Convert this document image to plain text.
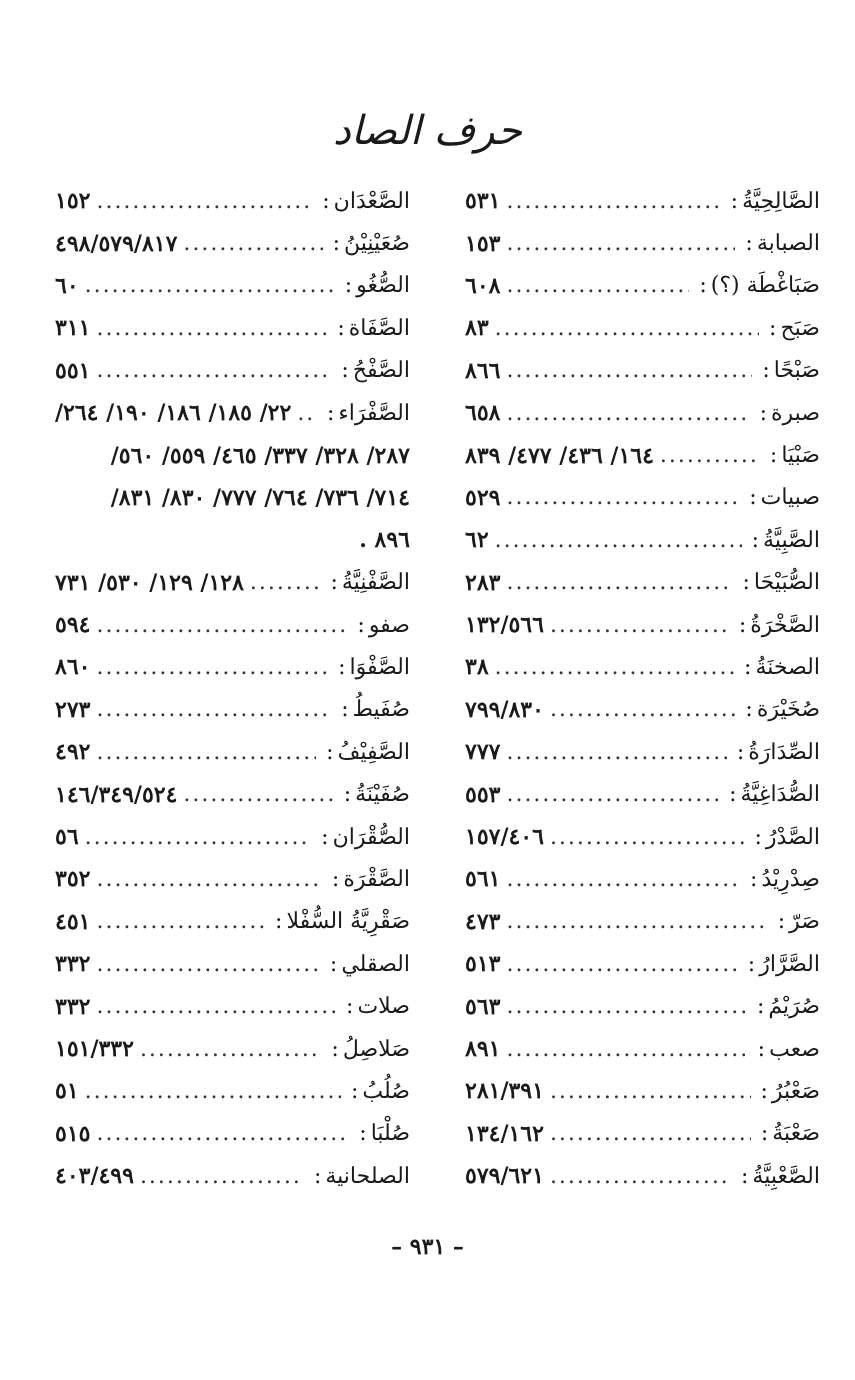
حرف الصاد
الصَّالِحِيَّةُ
:
.....
٥٣١
الصبابة
:
.....
١٥٣
صَبَاغْطَة (؟)
:
.....
٦٠٨
صَبَح
:
.....
٨٣
صَبْحًا
:
.....
٨٦٦
صبرة
:
.....
٦٥٨
صَبْيَا
:
.....
١٦٤/ ٤٣٦/ ٤٧٧/ ٨٣٩
صبيات
:
.....
٥٢٩
الصَّبِيَّةُ
:
.....
٦٢
الصُّبَيْحَا
:
.....
٢٨٣
الصَّخْرَةُ
:
.....
١٣٢/٥٦٦
الصخنَةُ
:
.....
٣٨
صُخَيْرَة
:
.....
٧٩٩/٨٣٠
الصِّدَارَةُ
:
.....
٧٧٧
الصُّدَاغِيَّةُ
:
.....
٥٥٣
الصَّدْرُ
:
.....
١٥٧/٤٠٦
صِدْرِيْدُ
:
.....
٥٦١
صَرّ
:
.....
٤٧٣
الصَّرَّارُ
:
.....
٥١٣
صُرَيْمُ
:
.....
٥٦٣
صعب
:
.....
٨٩١
صَعْبُرُ
:
.....
٢٨١/٣٩١
صَعْبَةُ
:
.....
١٣٤/١٦٢
الصَّعْبِيَّةُ
:
.....
٥٧٩/٦٢١
الصَّعْدَان
:
.....
١٥٢
صُعَيْنِيْنُ
:
.....
٤٩٨/٥٧٩/٨١٧
الصُّغُو
:
.....
٦٠
الصَّفَاة
:
.....
٣١١
الصَّفْحُ
:
.....
٥٥١
الصَّفْرَاء
:
.....
٢٢/ ١٨٥/ ١٨٦/ ١٩٠/ ٢٦٤/
٢٨٧/ ٣٢٨/ ٣٣٧/ ٤٦٥/ ٥٥٩/ ٥٦٠/
٧١٤/ ٧٣٦/ ٧٦٤/ ٧٧٧/ ٨٣٠/ ٨٣١/
٨٩٦ .
الصَّفْنِيَّةُ
:
.....
١٢٨/ ١٢٩/ ٥٣٠/ ٧٣١
صفو
:
.....
٥٩٤
الصَّفْوَا
:
.....
٨٦٠
صُفَيطُ
:
.....
٢٧٣
الصَّفِيْفُ
:
.....
٤٩٢
صُفَيْنَةُ
:
.....
١٤٦/٣٤٩/٥٢٤
الصُّقْرَان
:
.....
٥٦
الصَّقْرَة
:
.....
٣٥٢
صَقْرِيَّةُ السُّفْلا
:
.....
٤٥١
الصقلي
:
.....
٣٣٢
صلات
:
.....
٣٣٢
صَلاصِلُ
:
.....
١٥١/٣٣٢
صُلُبُ
:
.....
٥١
صُلْبَا
:
.....
٥١٥
الصلحانية
:
.....
٤٠٣/٤٩٩
– ٩٣١ –
